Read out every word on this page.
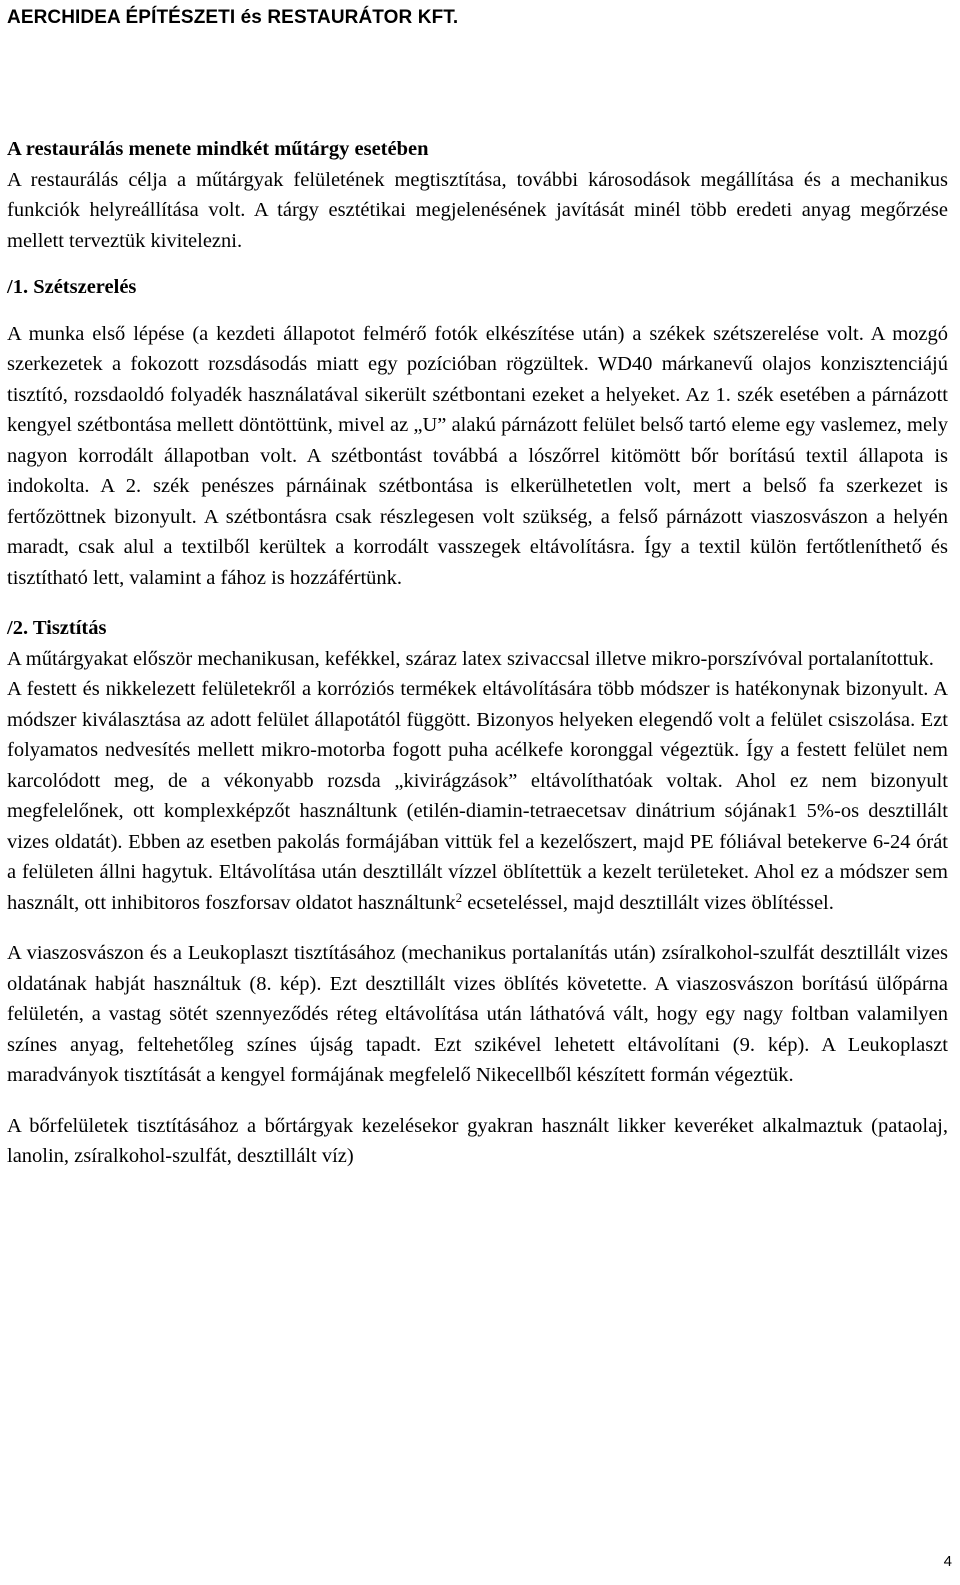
AERCHIDEA ÉPÍTÉSZETI és RESTAURÁTOR KFT.

A restaurálás menete mindkét műtárgy esetében

A restaurálás célja a műtárgyak felületének megtisztítása, további károsodások megállítása és a mechanikus funkciók helyreállítása volt. A tárgy esztétikai megjelenésének javítását minél több eredeti anyag megőrzése mellett terveztük kivitelezni.

/1. Szétszerelés

A munka első lépése (a kezdeti állapotot felmérő fotók elkészítése után) a székek szétszerelése volt. A mozgó szerkezetek a fokozott rozsdásodás miatt egy pozícióban rögzültek. WD40 márkanevű olajos konzisztenciájú tisztító, rozsdaoldó folyadék használatával sikerült szétbontani ezeket a helyeket. Az 1. szék esetében a párnázott kengyel szétbontása mellett döntöttünk, mivel az „U” alakú párnázott felület belső tartó eleme egy vaslemez, mely nagyon korrodált állapotban volt. A szétbontást továbbá a lószőrrel kitömött bőr borítású textil állapota is indokolta. A 2. szék penészes párnáinak szétbontása is elkerülhetetlen volt, mert a belső fa szerkezet is fertőzöttnek bizonyult. A szétbontásra csak részlegesen volt szükség, a felső párnázott viaszosvászon a helyén maradt, csak alul a textilből kerültek a korrodált vasszegek eltávolításra. Így a textil külön fertőtleníthető és tisztítható lett, valamint a fához is hozzáfértünk.

/2. Tisztítás

A műtárgyakat először mechanikusan, kefékkel, száraz latex szivaccsal illetve mikro-porszívóval portalanítottuk.

A festett és nikkelezett felületekről a korróziós termékek eltávolítására több módszer is hatékonynak bizonyult. A módszer kiválasztása az adott felület állapotától függött. Bizonyos helyeken elegendő volt a felület csiszolása. Ezt folyamatos nedvesítés mellett mikro-motorba fogott puha acélkefe koronggal végeztük. Így a festett felület nem karcolódott meg, de a vékonyabb rozsda „kivirágzások” eltávolíthatóak voltak. Ahol ez nem bizonyult megfelelőnek, ott komplexképzőt használtunk (etilén-diamin-tetraecetsav dinátrium sójának1 5%-os desztillált vizes oldatát). Ebben az esetben pakolás formájában vittük fel a kezelőszert, majd PE fóliával betekerve 6-24 órát a felületen állni hagytuk. Eltávolítása után desztillált vízzel öblítettük a kezelt területeket. Ahol ez a módszer sem használt, ott inhibitoros foszforsav oldatot használtunk$^2$ ecseteléssel, majd desztillált vizes öblítéssel.

A viaszosvászon és a Leukoplaszt tisztításához (mechanikus portalanítás után) zsíralkohol-szulfát desztillált vizes oldatának habját használtuk (8. kép). Ezt desztillált vizes öblítés követette. A viaszosvászon borítású ülőpárna felületén, a vastag sötét szennyeződés réteg eltávolítása után láthatóvá vált, hogy egy nagy foltban valamilyen színes anyag, feltehetőleg színes újság tapadt. Ezt szikével lehetett eltávolítani (9. kép). A Leukoplaszt maradványok tisztítását a kengyel formájának megfelelő Nikecellből készített formán végeztük.

A bőrfelületek tisztításához a bőrtárgyak kezelésekor gyakran használt likker keveréket alkalmaztuk (pataolaj, lanolin, zsíralkohol-szulfát, desztillált víz)

4
